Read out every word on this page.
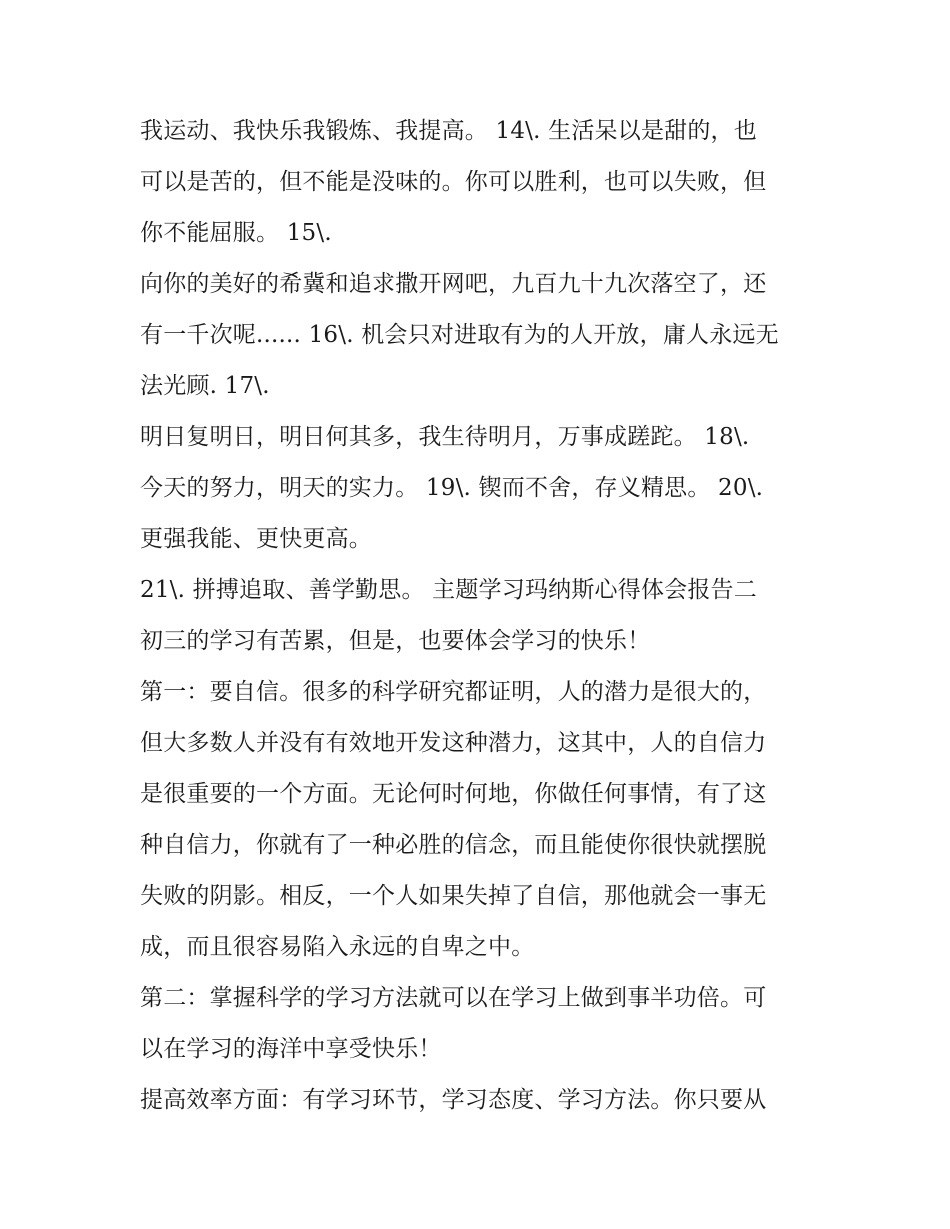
我运动、我快乐我锻炼、我提高。 14\. 生活呆以是甜的，也
可以是苦的，但不能是没味的。你可以胜利，也可以失败，但
你不能屈服。 15\.
向你的美好的希冀和追求撒开网吧，九百九十九次落空了，还
有一千次呢...... 16\. 机会只对进取有为的人开放，庸人永远无
法光顾. 17\.
明日复明日，明日何其多，我生待明月，万事成蹉跎。 18\.
今天的努力，明天的实力。 19\. 锲而不舍，存义精思。 20\.
更强我能、更快更高。
21\. 拼搏追取、善学勤思。 主题学习玛纳斯心得体会报告二
初三的学习有苦累，但是，也要体会学习的快乐！
第一：要自信。很多的科学研究都证明，人的潜力是很大的，
但大多数人并没有有效地开发这种潜力，这其中，人的自信力
是很重要的一个方面。无论何时何地，你做任何事情，有了这
种自信力，你就有了一种必胜的信念，而且能使你很快就摆脱
失败的阴影。相反，一个人如果失掉了自信，那他就会一事无
成，而且很容易陷入永远的自卑之中。
第二：掌握科学的学习方法就可以在学习上做到事半功倍。可
以在学习的海洋中享受快乐！
提高效率方面：有学习环节，学习态度、学习方法。你只要从
